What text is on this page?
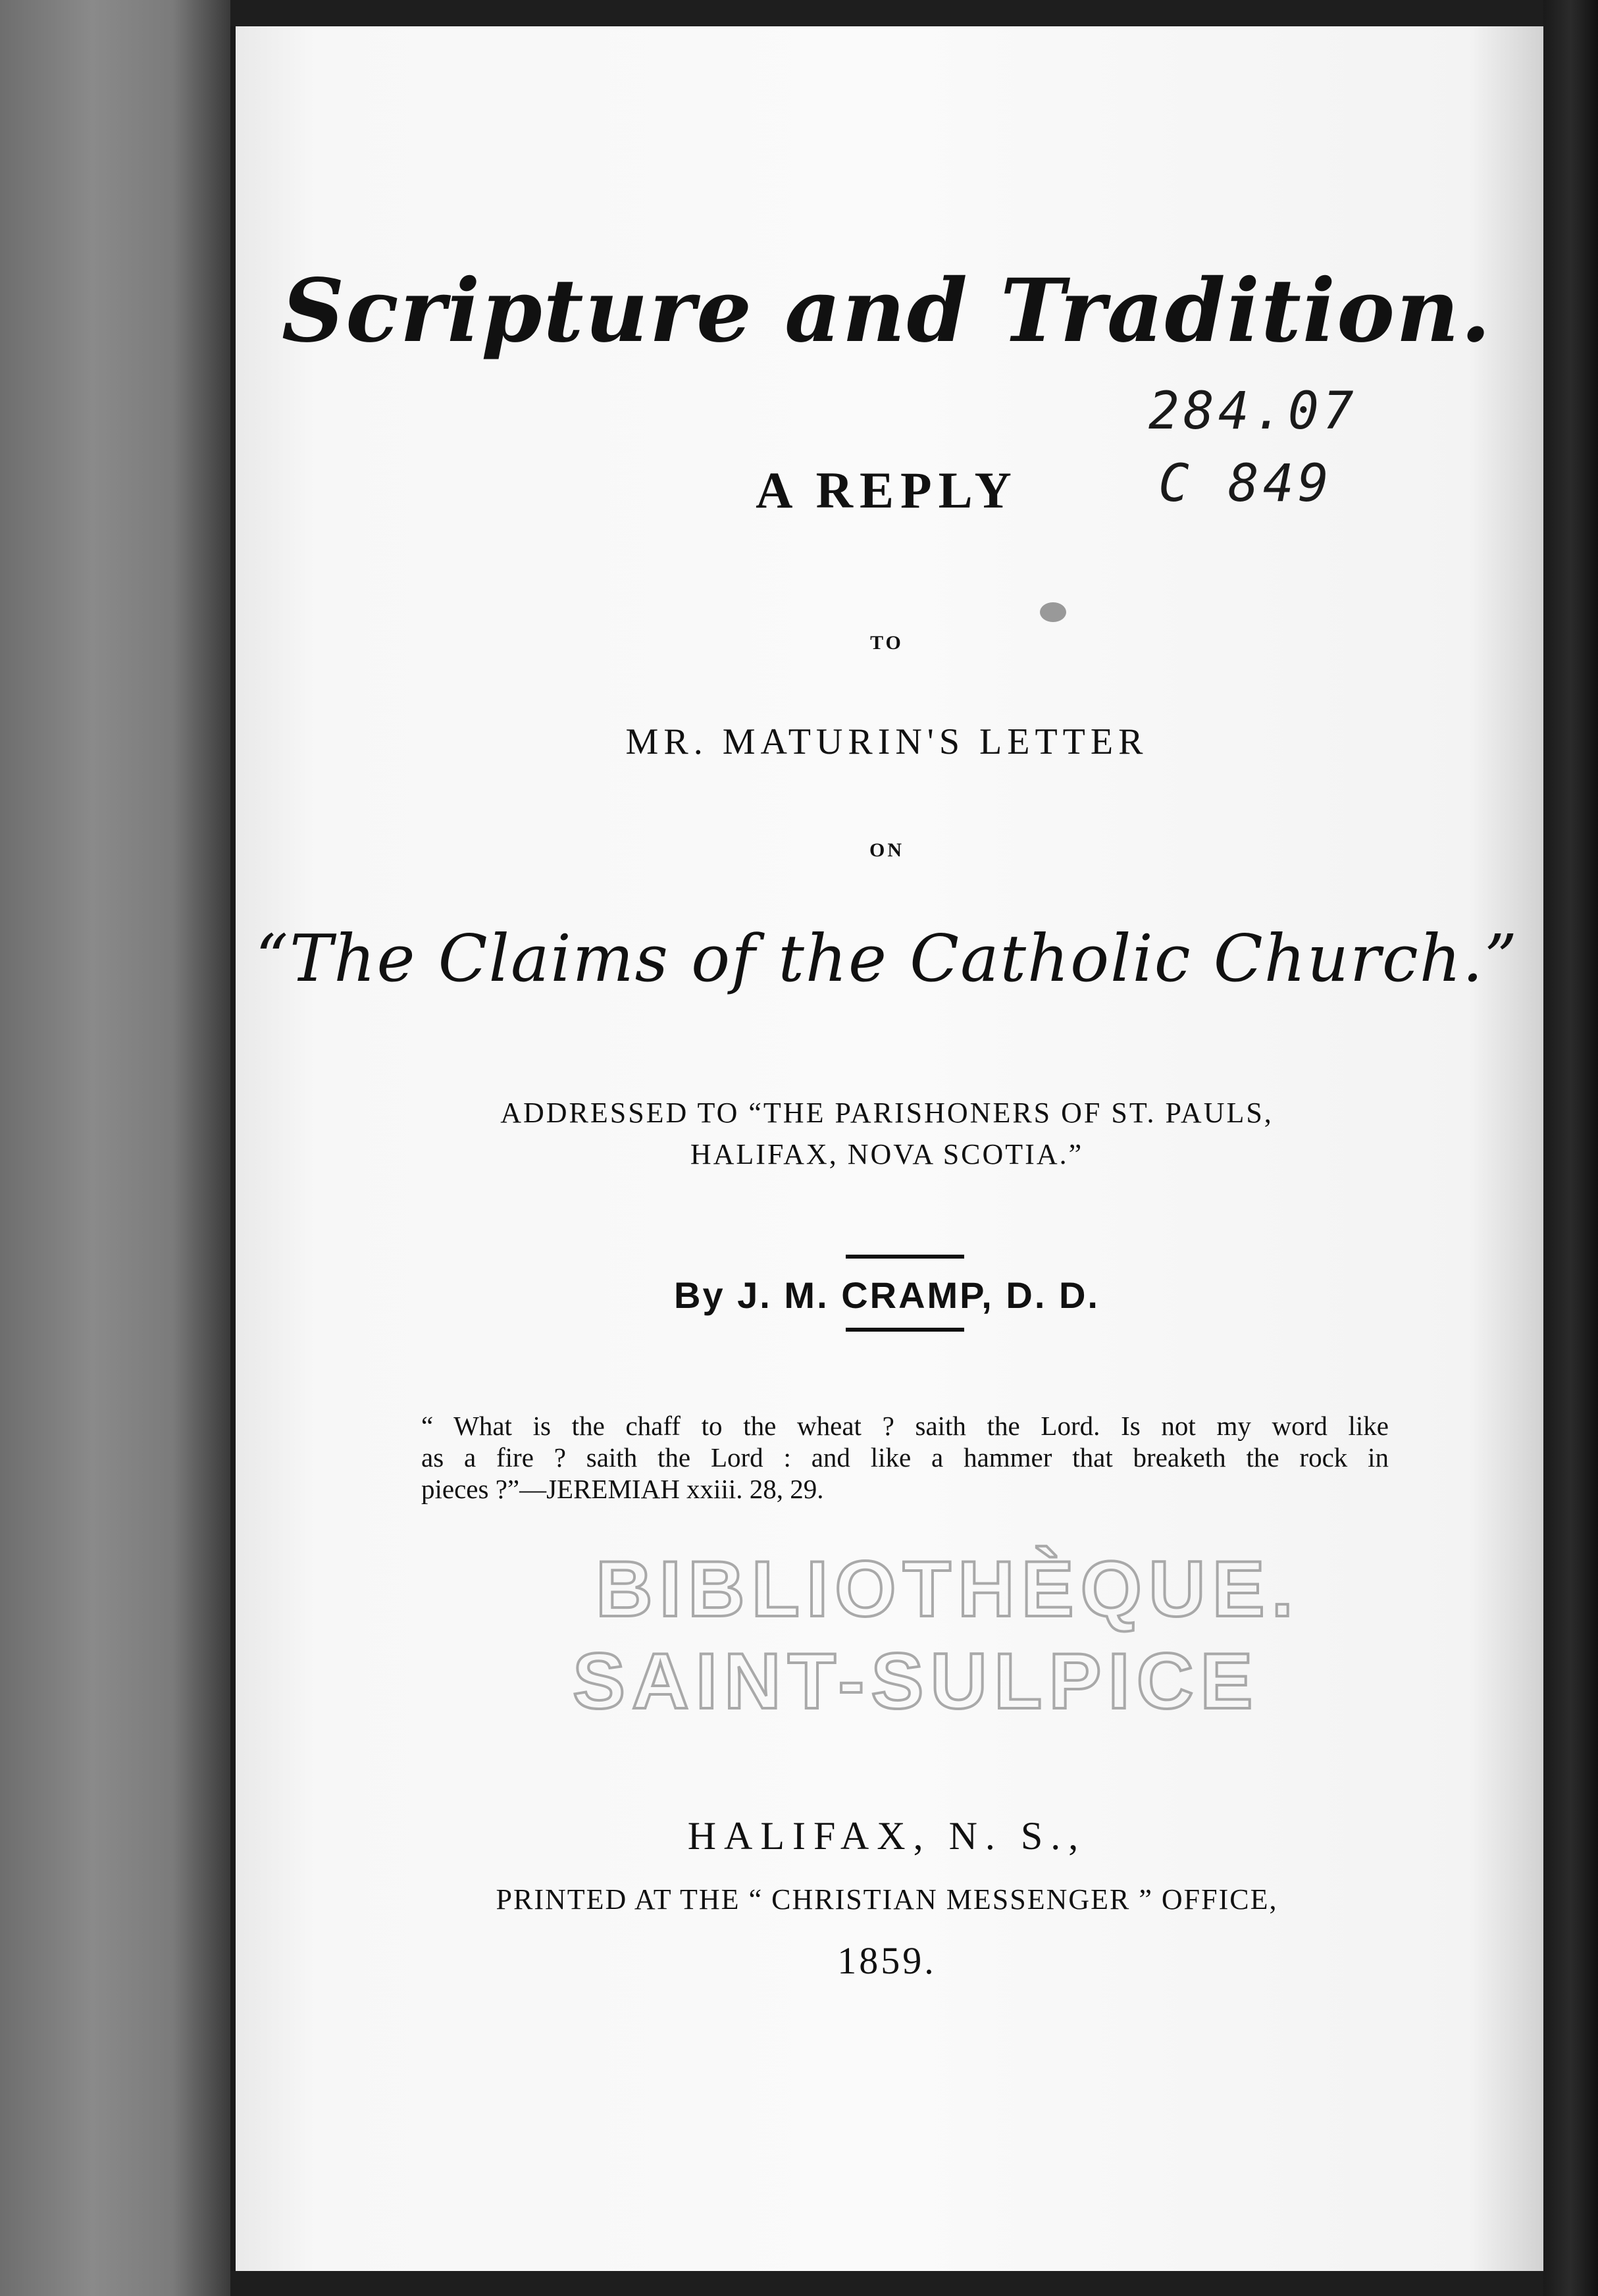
Scripture and Tradition.
284.07
C 849
A REPLY
TO
MR. MATURIN'S LETTER
ON
“The Claims of the Catholic Church.”
ADDRESSED TO “THE PARISHONERS OF ST. PAULS,
HALIFAX, NOVA SCOTIA.”
By J. M. CRAMP, D. D.
“ What is the chaff to the wheat ? saith the Lord. Is not my word like
as a fire ? saith the Lord : and like a hammer that breaketh the rock in
pieces ?”—JEREMIAH xxiii. 28, 29.
BIBLIOTHÈQUE.
SAINT-SULPICE
HALIFAX, N. S.,
PRINTED AT THE “ CHRISTIAN MESSENGER ” OFFICE,
1859.
